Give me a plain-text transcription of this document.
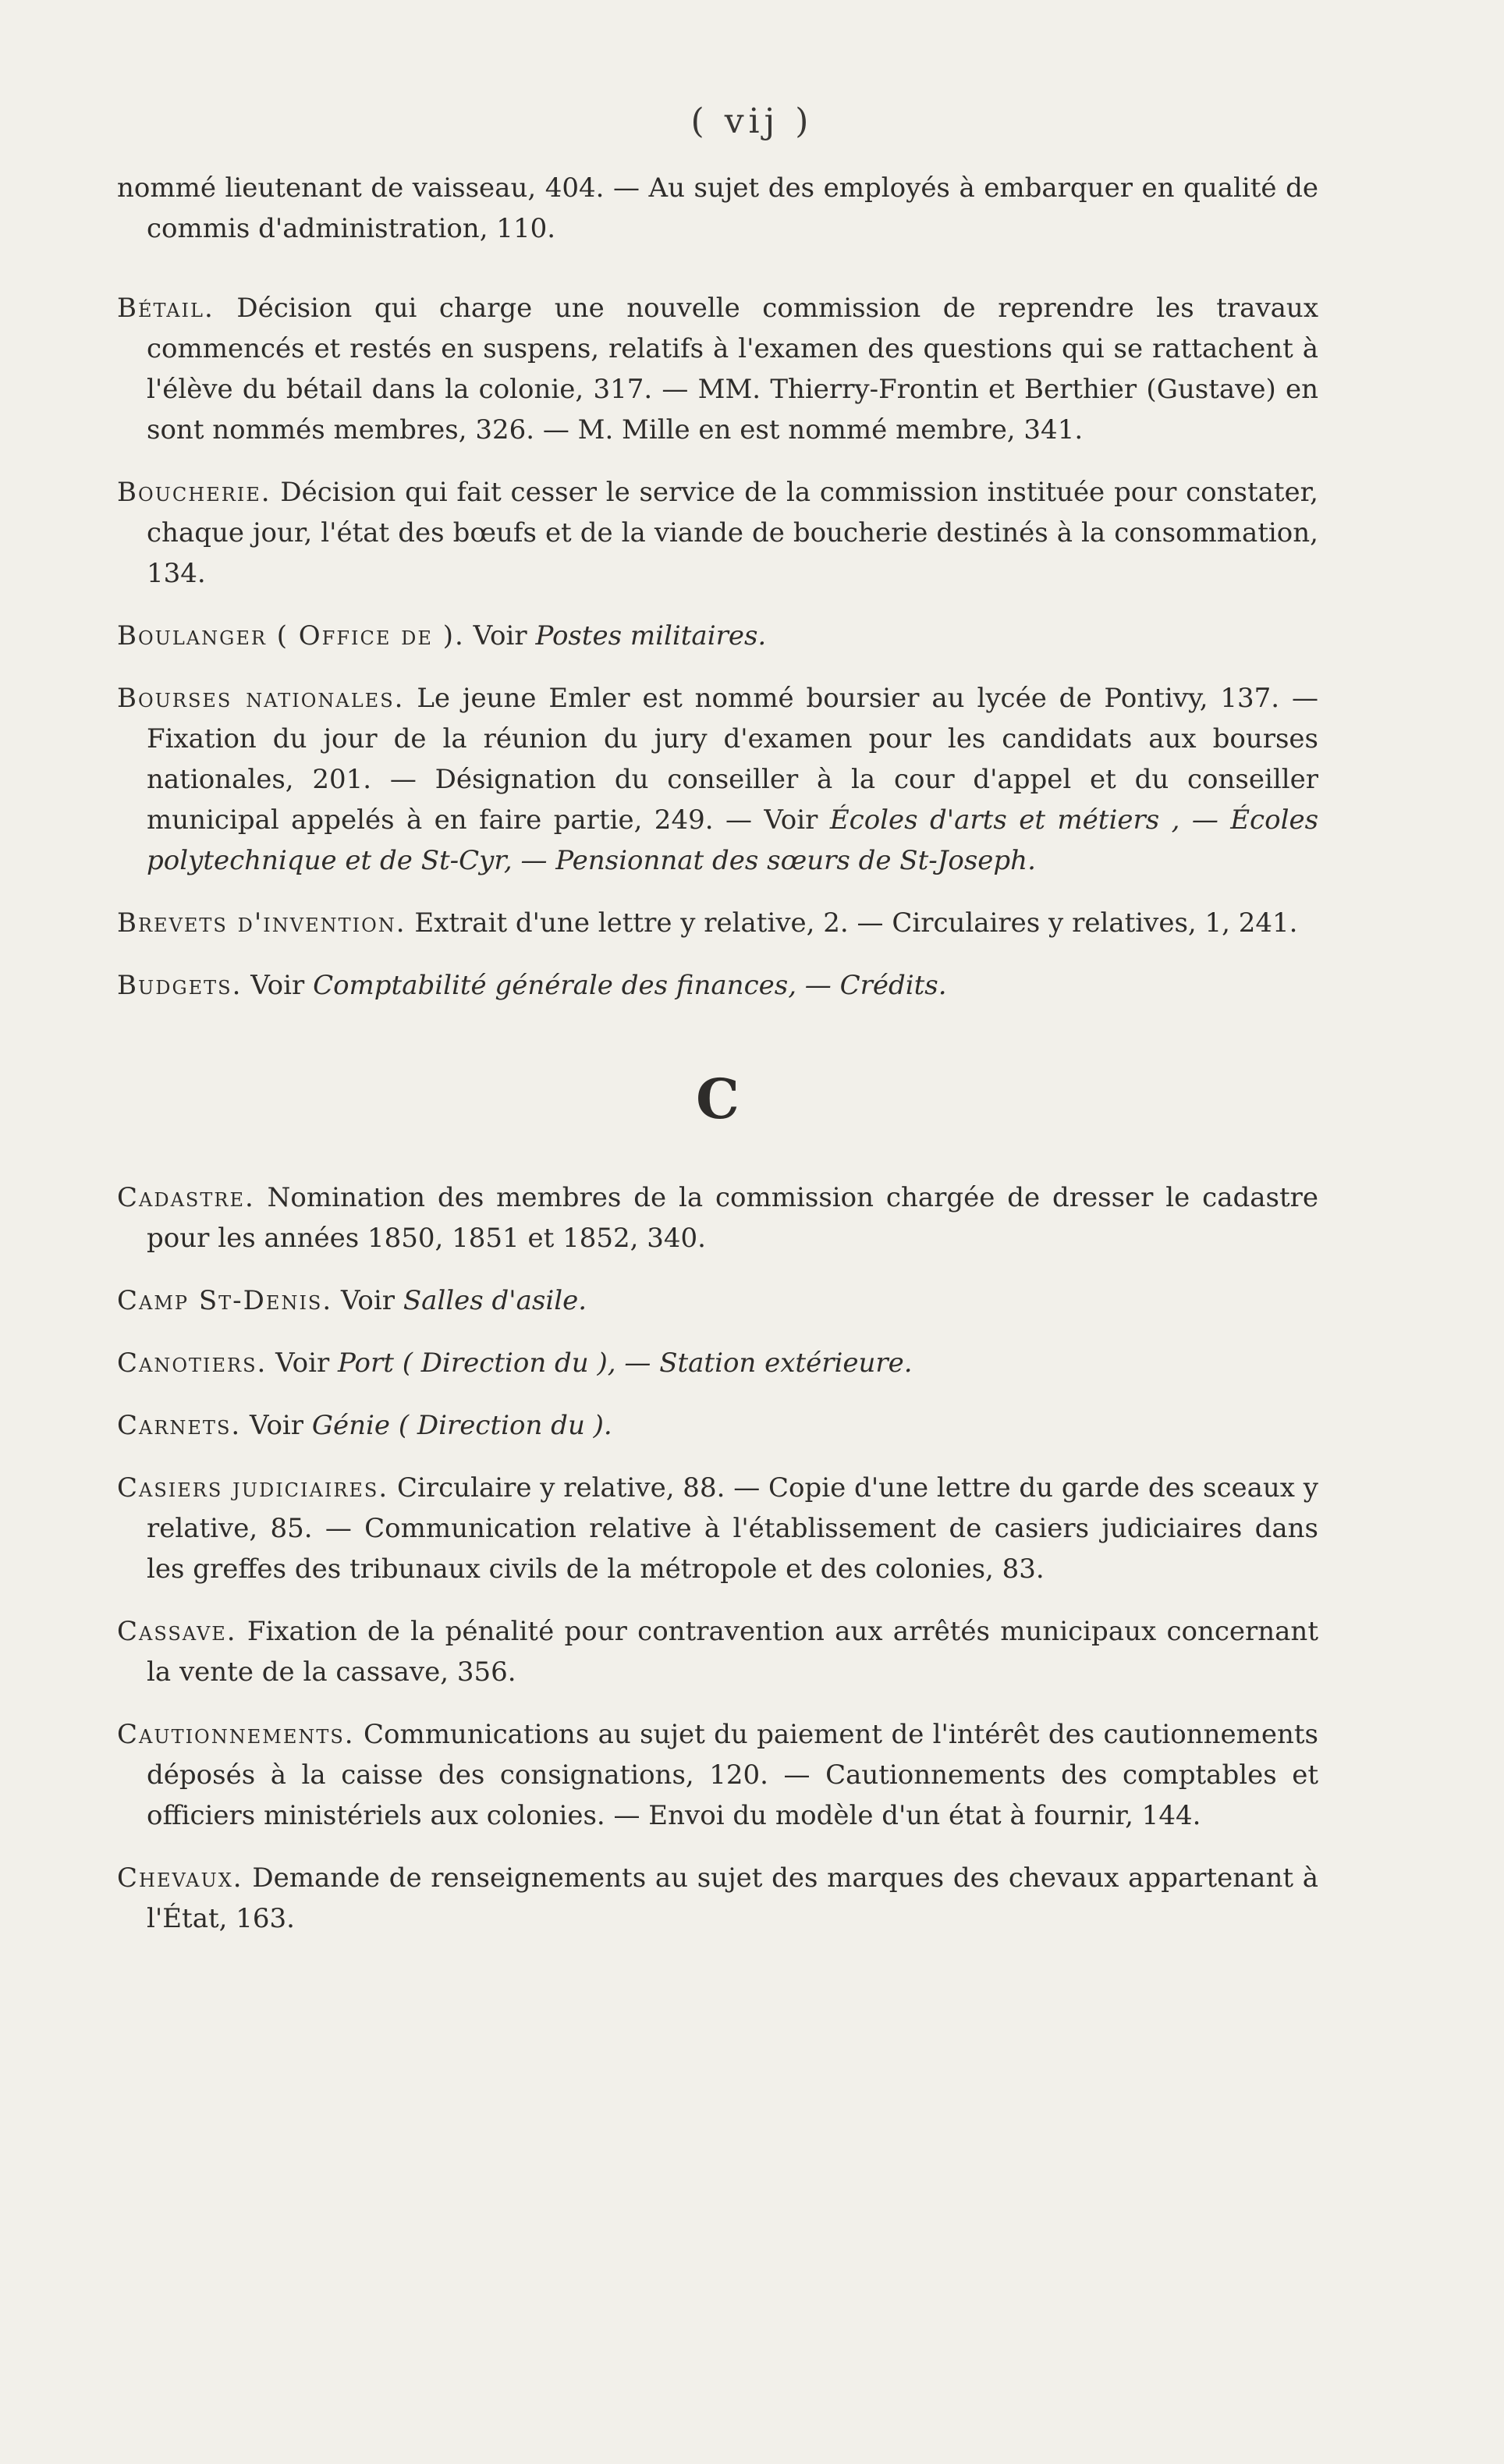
( vij )

nommé lieutenant de vaisseau, 404. — Au sujet des employés à embarquer en qualité de commis d'administration, 110.

Bétail. Décision qui charge une nouvelle commission de reprendre les travaux commencés et restés en suspens, relatifs à l'examen des questions qui se rattachent à l'élève du bétail dans la colonie, 317. — MM. Thierry-Frontin et Berthier (Gustave) en sont nommés membres, 326. — M. Mille en est nommé membre, 341.

Boucherie. Décision qui fait cesser le service de la commission instituée pour constater, chaque jour, l'état des bœufs et de la viande de boucherie destinés à la consommation, 134.

Boulanger ( Office de ). Voir Postes militaires.

Bourses nationales. Le jeune Emler est nommé boursier au lycée de Pontivy, 137. — Fixation du jour de la réunion du jury d'examen pour les candidats aux bourses nationales, 201. — Désignation du conseiller à la cour d'appel et du conseiller municipal appelés à en faire partie, 249. — Voir Écoles d'arts et métiers , — Écoles polytechnique et de St-Cyr, — Pensionnat des sœurs de St-Joseph.

Brevets d'invention. Extrait d'une lettre y relative, 2. — Circulaires y relatives, 1, 241.

Budgets. Voir Comptabilité générale des finances, — Crédits.

C

Cadastre. Nomination des membres de la commission chargée de dresser le cadastre pour les années 1850, 1851 et 1852, 340.

Camp St-Denis. Voir Salles d'asile.

Canotiers. Voir Port ( Direction du ), — Station extérieure.

Carnets. Voir Génie ( Direction du ).

Casiers judiciaires. Circulaire y relative, 88. — Copie d'une lettre du garde des sceaux y relative, 85. — Communication relative à l'établissement de casiers judiciaires dans les greffes des tribunaux civils de la métropole et des colonies, 83.

Cassave. Fixation de la pénalité pour contravention aux arrêtés municipaux concernant la vente de la cassave, 356.

Cautionnements. Communications au sujet du paiement de l'intérêt des cautionnements déposés à la caisse des consignations, 120. — Cautionnements des comptables et officiers ministériels aux colonies. — Envoi du modèle d'un état à fournir, 144.

Chevaux. Demande de renseignements au sujet des marques des chevaux appartenant à l'État, 163.
